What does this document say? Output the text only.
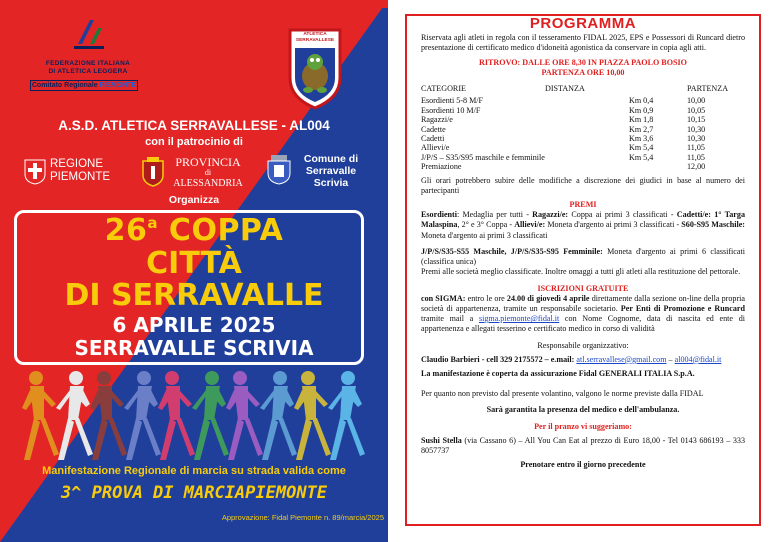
FEDERAZIONE ITALIANA
DI ATLETICA LEGGERA
Comitato Regionale PIEMONTE
ATLETICA
SERRAVALLESE
A.S.D. ATLETICA SERRAVALLESE - AL004
con il patrocinio di
REGIONE
PIEMONTE
PROVINCIA
di
ALESSANDRIA
Comune di
Serravalle
Scrivia
Organizza
26$^a$ COPPA
CITTÀ
DI SERRAVALLE
6 APRILE 2025
SERRAVALLE SCRIVIA
Manifestazione Regionale di marcia su strada valida come
3^ PROVA DI MARCIAPIEMONTE
Approvazione: Fidal Piemonte n. 89/marcia/2025
PROGRAMMA
Riservata agli atleti in regola con il tesseramento FIDAL 2025, EPS e Possessori di Runcard dietro presentazione di certificato medico d'idoneità agonistica da conservare in copia agli atti.
RITROVO: DALLE ORE 8,30 IN PIAZZA PAOLO BOSIO
PARTENZA ORE 10,00
CATEGORIE	DISTANZA	PARTENZA
Esordienti 5-8 M/F	Km 0,4	10,00
Esordienti 10 M/F	Km 0,9	10,05
Ragazzi/e	Km 1,8	10,15
Cadette	Km 2,7	10,30
Cadetti	Km 3,6	10,30
Allievi/e	Km 5,4	11,05
J/P/S – S35/S95 maschile e femminile	Km 5,4	11,05
Premiazione		12,00
Gli orari potrebbero subire delle modifiche a discrezione dei giudici in base al numero dei partecipanti
PREMI
Esordienti: Medaglia per tutti - Ragazzi/e: Coppa ai primi 3 classificati - Cadetti/e: 1° Targa Malaspina, 2° e 3° Coppa - Allievi/e: Moneta d'argento ai primi 3 classificati - S60-S95 Maschile: Moneta d'argento ai primi 3 classificati
J/P/S/S35-S55 Maschile, J/P/S/S35-S95 Femminile: Moneta d'argento ai primi 6 classificati (classifica unica)
Premi alle società meglio classificate. Inoltre omaggi a tutti gli atleti alla restituzione del pettorale.
ISCRIZIONI GRATUITE
con SIGMA: entro le ore 24.00 di giovedì 4 aprile direttamente dalla sezione on-line della propria società di appartenenza, tramite un responsabile societario. Per Enti di Promozione e Runcard tramite mail a sigma.piemonte@fidal.it con Nome Cognome, data di nascita ed ente di appartenenza e allegati tesserino e certificato medico in corso di validità
Responsabile organizzativo:
Claudio Barbieri - cell 329 2175572 – e.mail: atl.serravallese@gmail.com – al004@fidal.it
La manifestazione è coperta da assicurazione Fidal GENERALI ITALIA S.p.A.
Per quanto non previsto dal presente volantino, valgono le norme previste dalla FIDAL
Sarà garantita la presenza del medico e dell'ambulanza.
Per il pranzo vi suggeriamo:
Sushi Stella (via Cassano 6) – All You Can Eat al prezzo di Euro 18,00 - Tel 0143 686193 – 333 8057737
Prenotare entro il giorno precedente
